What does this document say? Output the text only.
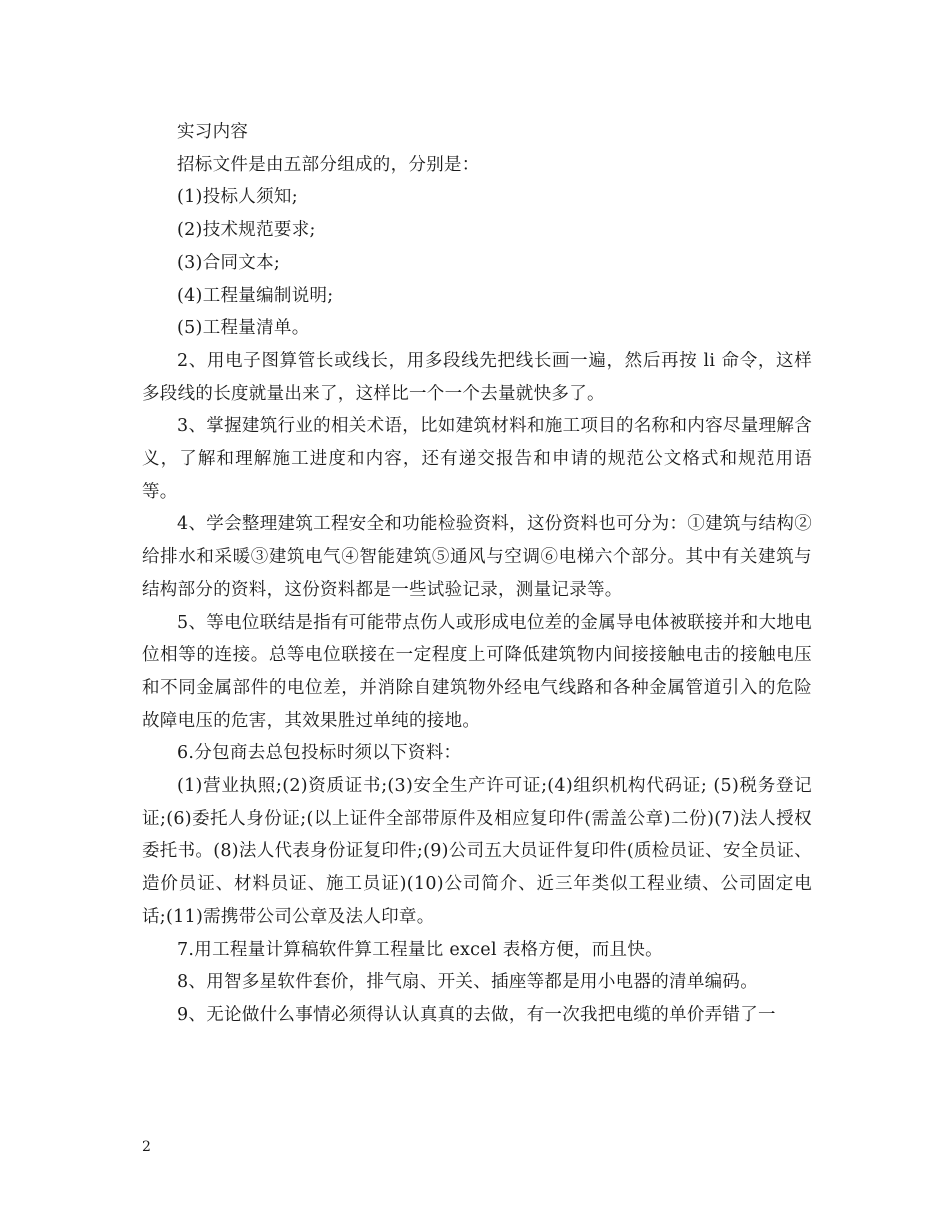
实习内容

招标文件是由五部分组成的，分别是：

(1)投标人须知;

(2)技术规范要求;

(3)合同文本;

(4)工程量编制说明;

(5)工程量清单。

2、用电子图算管长或线长，用多段线先把线长画一遍，然后再按 li 命令，这样多段线的长度就量出来了，这样比一个一个去量就快多了。

3、掌握建筑行业的相关术语，比如建筑材料和施工项目的名称和内容尽量理解含义，了解和理解施工进度和内容，还有递交报告和申请的规范公文格式和规范用语等。

4、学会整理建筑工程安全和功能检验资料，这份资料也可分为：①建筑与结构②给排水和采暖③建筑电气④智能建筑⑤通风与空调⑥电梯六个部分。其中有关建筑与结构部分的资料，这份资料都是一些试验记录，测量记录等。

5、等电位联结是指有可能带点伤人或形成电位差的金属导电体被联接并和大地电位相等的连接。总等电位联接在一定程度上可降低建筑物内间接接触电击的接触电压和不同金属部件的电位差，并消除自建筑物外经电气线路和各种金属管道引入的危险故障电压的危害，其效果胜过单纯的接地。

6.分包商去总包投标时须以下资料：

(1)营业执照;(2)资质证书;(3)安全生产许可证;(4)组织机构代码证; (5)税务登记证;(6)委托人身份证;(以上证件全部带原件及相应复印件(需盖公章)二份)(7)法人授权委托书。(8)法人代表身份证复印件;(9)公司五大员证件复印件(质检员证、安全员证、造价员证、材料员证、施工员证)(10)公司简介、近三年类似工程业绩、公司固定电话;(11)需携带公司公章及法人印章。

7.用工程量计算稿软件算工程量比 excel 表格方便，而且快。

8、用智多星软件套价，排气扇、开关、插座等都是用小电器的清单编码。

9、无论做什么事情必须得认认真真的去做，有一次我把电缆的单价弄错了一

2
